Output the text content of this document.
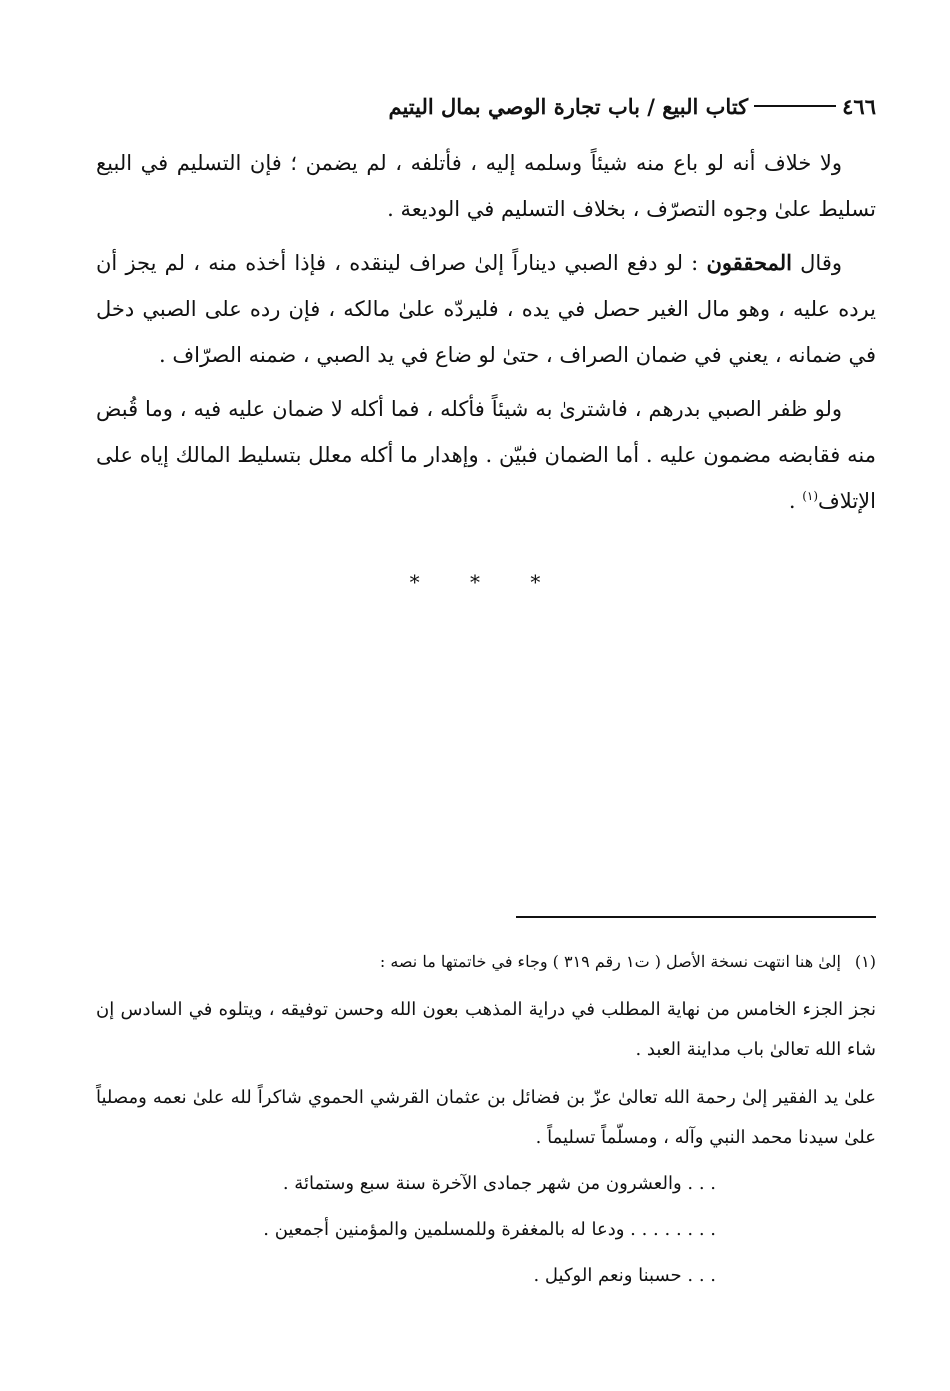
٤٦٦
كتاب البيع / باب تجارة الوصي بمال اليتيم

ولا خلاف أنه لو باع منه شيئاً وسلمه إليه ، فأتلفه ، لم يضمن ؛ فإن التسليم في البيع تسليط علىٰ وجوه التصرّف ، بخلاف التسليم في الوديعة .

وقال المحققون : لو دفع الصبي ديناراً إلىٰ صراف لينقده ، فإذا أخذه منه ، لم يجز أن يرده عليه ، وهو مال الغير حصل في يده ، فليردّه علىٰ مالكه ، فإن رده على الصبي دخل في ضمانه ، يعني في ضمان الصراف ، حتىٰ لو ضاع في يد الصبي ، ضمنه الصرّاف .

ولو ظفر الصبي بدرهم ، فاشترىٰ به شيئاً فأكله ، فما أكله لا ضمان عليه فيه ، وما قُبض منه فقابضه مضمون عليه . أما الضمان فبيّن . وإهدار ما أكله معلل بتسليط المالك إياه على الإتلاف$^{(١)}$ .

* * *

(١)إلىٰ هنا انتهت نسخة الأصل ( ت١ رقم ٣١٩ ) وجاء في خاتمتها ما نصه :

نجز الجزء الخامس من نهاية المطلب في دراية المذهب بعون الله وحسن توفيقه ، ويتلوه في السادس إن شاء الله تعالىٰ باب مداينة العبد .

علىٰ يد الفقير إلىٰ رحمة الله تعالىٰ عزّ بن فضائل بن عثمان القرشي الحموي شاكراً لله علىٰ نعمه ومصلياً علىٰ سيدنا محمد النبي وآله ، ومسلّماً تسليماً .

. . . والعشرون من شهر جمادى الآخرة سنة سبع وستمائة .

. . . . . . . . ودعا له بالمغفرة وللمسلمين والمؤمنين أجمعين .

. . . حسبنا ونعم الوكيل .
